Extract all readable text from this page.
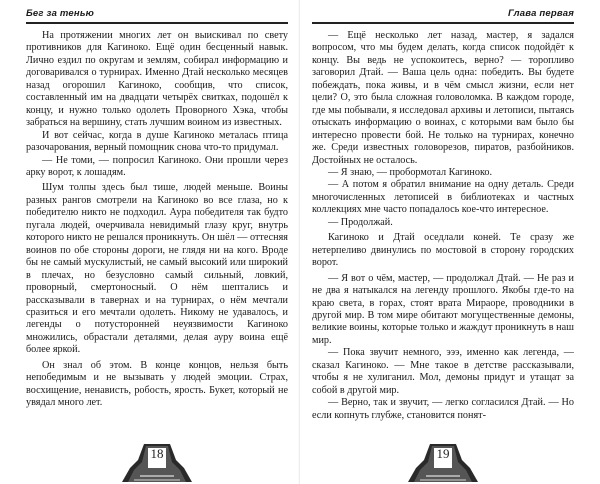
Бег за тенью

На протяжении многих лет он выискивал по свету противников для Кагиноко. Ещё один бесценный навык. Лично ездил по округам и землям, собирал информацию и договаривался о турнирах. Именно Дтай несколько месяцев назад огорошил Кагиноко, сообщив, что список, составленный им на двадцати четырёх свитках, подошёл к концу, и нужно только одолеть Проворного Хэка, чтобы забраться на вершину, стать лучшим воином из известных.

И вот сейчас, когда в душе Кагиноко металась птица разочарования, верный помощник снова что-то придумал.

— Не томи, — попросил Кагиноко. Они прошли через арку ворот, к лошадям.

Шум толпы здесь был тише, людей меньше. Воины разных рангов смотрели на Кагиноко во все глаза, но к победителю никто не подходил. Аура победителя так будто пугала людей, очерчивала невидимый глазу круг, внутрь которого никто не решался проникнуть. Он шёл — оттесняя воинов по обе стороны дороги, не глядя ни на кого. Вроде бы не самый мускулистый, не самый высокий или широкий в плечах, но безусловно самый сильный, ловкий, проворный, смертоносный. О нём шептались и рассказывали в тавернах и на турнирах, о нём мечтали сразиться и его мечтали одолеть. Никому не удавалось, и легенды о потусторонней неуязвимости Кагиноко множились, обрастали деталями, делая ауру воина ещё более яркой.

Он знал об этом. В конце концов, нельзя быть непобедимым и не вызывать у людей эмоции. Страх, восхищение, ненависть, робость, ярость. Букет, который не увядал много лет.

18
Глава первая

— Ещё несколько лет назад, мастер, я задался вопросом, что мы будем делать, когда список подойдёт к концу. Вы ведь не успокоитесь, верно? — торопливо заговорил Дтай. — Ваша цель одна: победить. Вы будете побеждать, пока живы, и в чём смысл жизни, если нет цели? О, это была сложная головоломка. В каждом городе, где мы побывали, я исследовал архивы и летописи, пытаясь отыскать информацию о воинах, с которыми вам было бы интересно провести бой. Не только на турнирах, конечно же. Среди известных головорезов, пиратов, разбойников. Достойных не осталось.

— Я знаю, — пробормотал Кагиноко.

— А потом я обратил внимание на одну деталь. Среди многочисленных летописей в библиотеках и частных коллекциях мне часто попадалось кое-что интересное.

— Продолжай.

Кагиноко и Дтай оседлали коней. Те сразу же нетерпеливо двинулись по мостовой в сторону городских ворот.

— Я вот о чём, мастер, — продолжал Дтай. — Не раз и не два я натыкался на легенду прошлого. Якобы где-то на краю света, в горах, стоят врата Мираоре, проводники в другой мир. В том мире обитают могущественные демоны, великие воины, которые только и жаждут проникнуть в наш мир.

— Пока звучит немного, эээ, именно как легенда, — сказал Кагиноко. — Мне такое в детстве рассказывали, чтобы я не хулиганил. Мол, демоны придут и утащат за собой в другой мир.

— Верно, так и звучит, — легко согласился Дтай. — Но если копнуть глубже, становится понят-

19
